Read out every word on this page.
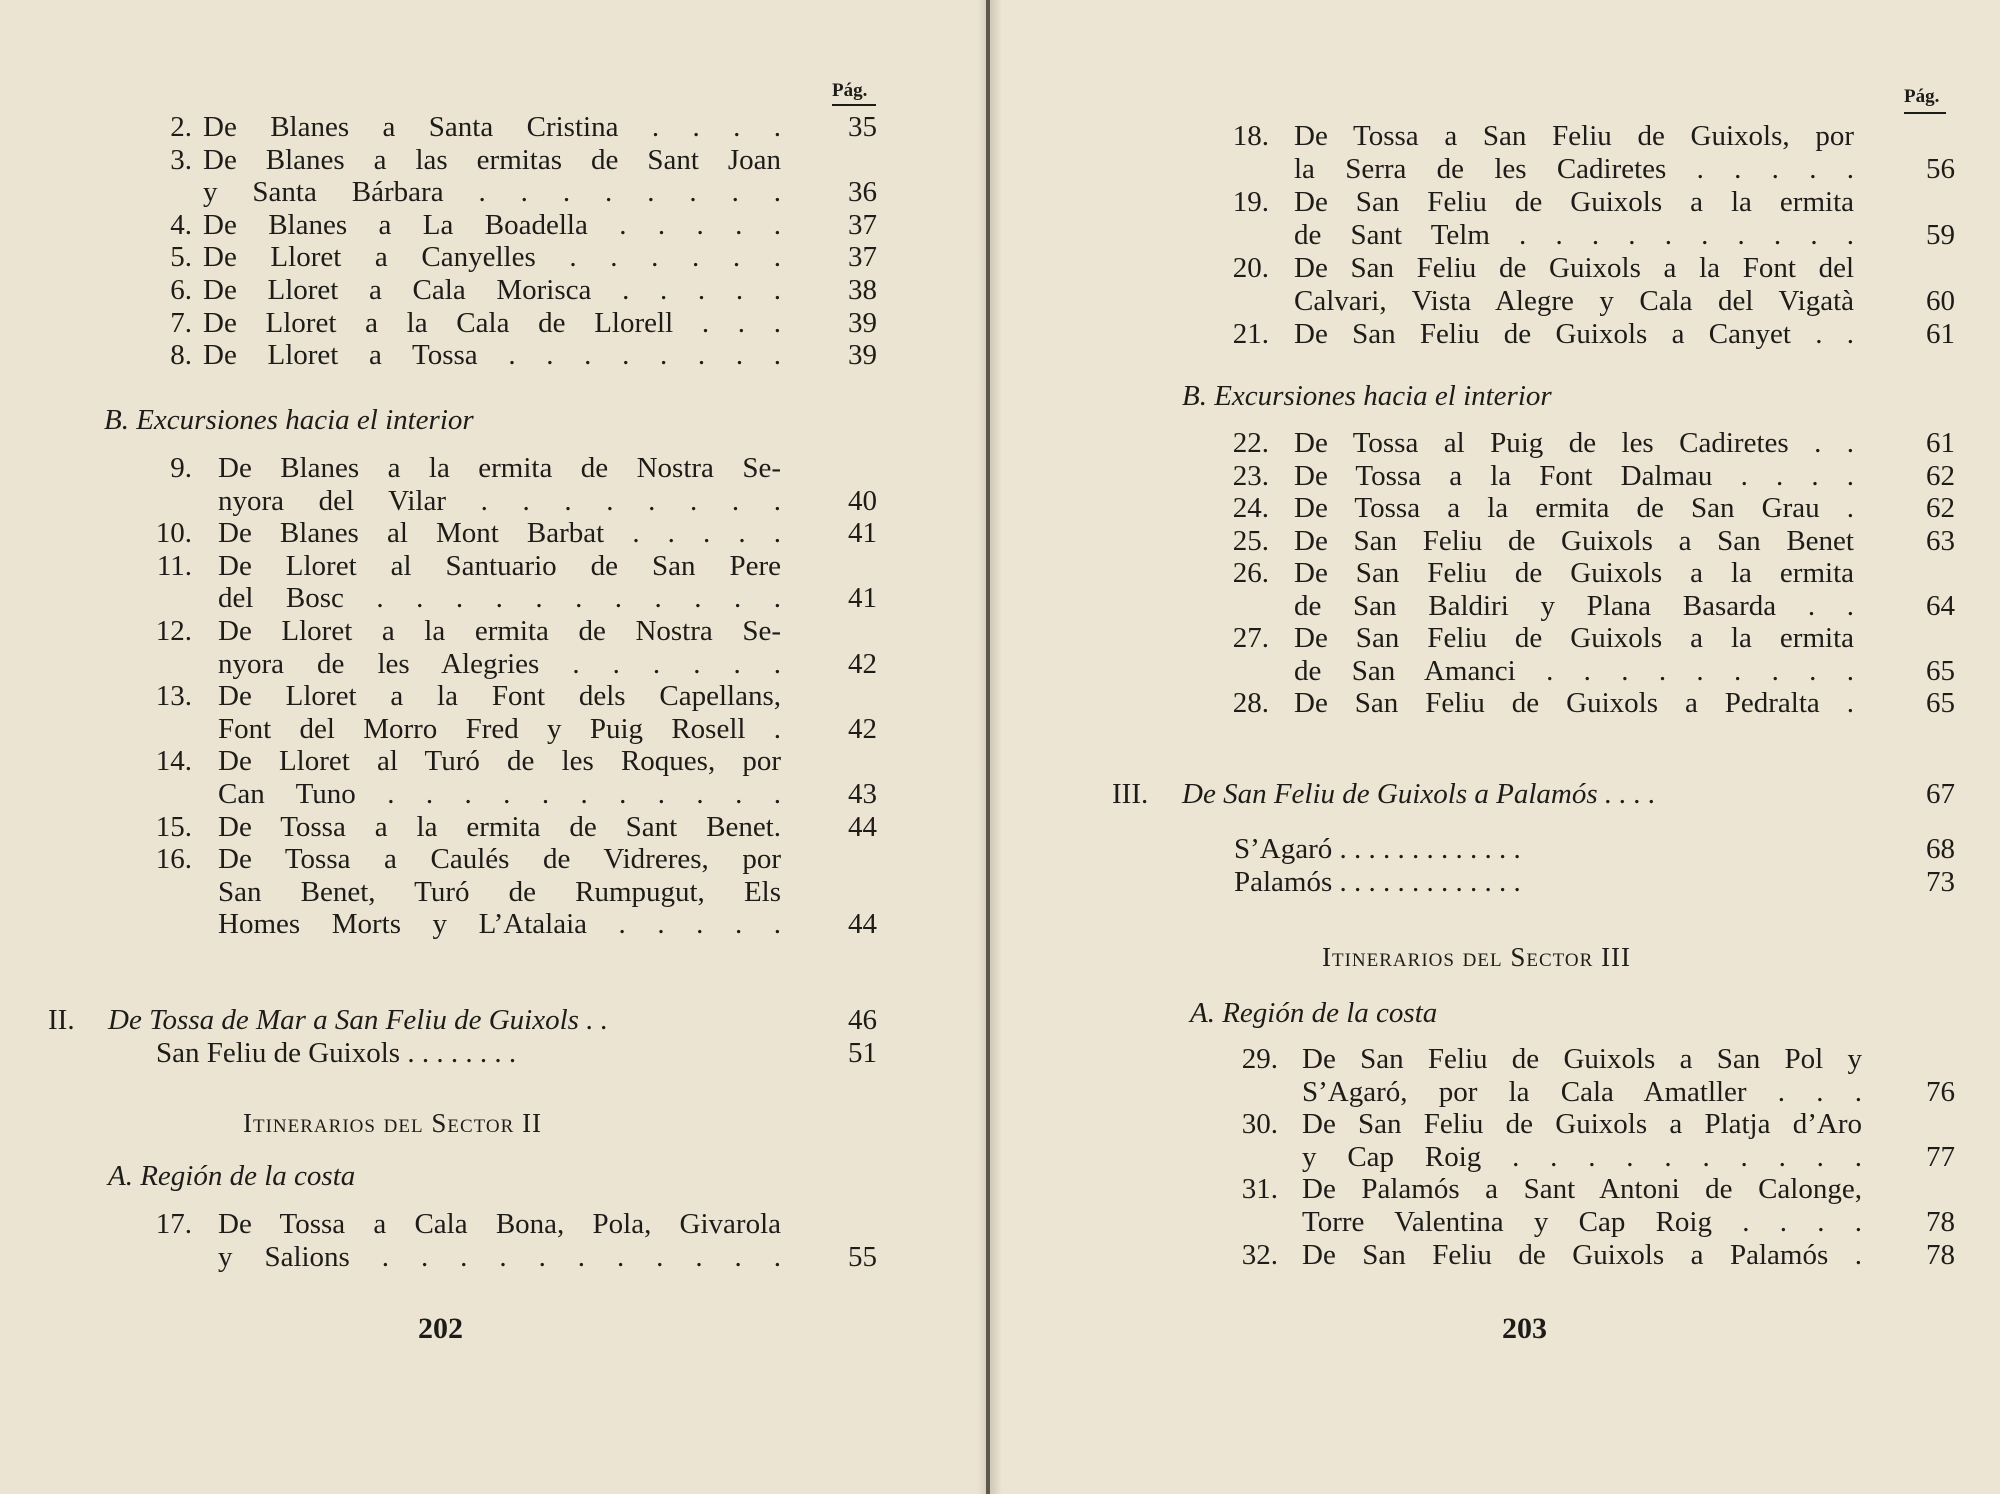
Pág.
2. De Blanes a Santa Cristina . . . .	35
3. De Blanes a las ermitas de Sant Joan
y Santa Bárbara . . . . . . . .	36
4. De Blanes a La Boadella . . . . .	37
5. De Lloret a Canyelles . . . . . .	37
6. De Lloret a Cala Morisca . . . . .	38
7. De Lloret a la Cala de Llorell . . .	39
8. De Lloret a Tossa . . . . . . . .	39
B. Excursiones hacia el interior
9. De Blanes a la ermita de Nostra Se-
nyora del Vilar . . . . . . . .	40
10. De Blanes al Mont Barbat . . . . .	41
11. De Lloret al Santuario de San Pere
del Bosc . . . . . . . . . . .	41
12. De Lloret a la ermita de Nostra Se-
nyora de les Alegries . . . . . .	42
13. De Lloret a la Font dels Capellans,
Font del Morro Fred y Puig Rosell .	42
14. De Lloret al Turó de les Roques, por
Can Tuno . . . . . . . . . . .	43
15. De Tossa a la ermita de Sant Benet.	44
16. De Tossa a Caulés de Vidreres, por
San Benet, Turó de Rumpugut, Els
Homes Morts y L’Atalaia . . . . .	44
II. De Tossa de Mar a San Feliu de Guixols . .	46
San Feliu de Guixols . . . . . . . .	51
Itinerarios del Sector II
A. Región de la costa
17. De Tossa a Cala Bona, Pola, Givarola
y Salions . . . . . . . . . . .	55
202
Pág.
18. De Tossa a San Feliu de Guixols, por
la Serra de les Cadiretes . . . . .	56
19. De San Feliu de Guixols a la ermita
de Sant Telm . . . . . . . . . .	59
20. De San Feliu de Guixols a la Font del
Calvari, Vista Alegre y Cala del Vigatà	60
21. De San Feliu de Guixols a Canyet . .	61
B. Excursiones hacia el interior
22. De Tossa al Puig de les Cadiretes . .	61
23. De Tossa a la Font Dalmau . . . .	62
24. De Tossa a la ermita de San Grau .	62
25. De San Feliu de Guixols a San Benet	63
26. De San Feliu de Guixols a la ermita
de San Baldiri y Plana Basarda . .	64
27. De San Feliu de Guixols a la ermita
de San Amanci . . . . . . . . .	65
28. De San Feliu de Guixols a Pedralta .	65
III. De San Feliu de Guixols a Palamós . . . .	67
S’Agaró . . . . . . . . . . . . .	68
Palamós . . . . . . . . . . . . .	73
Itinerarios del Sector III
A. Región de la costa
29. De San Feliu de Guixols a San Pol y
S’Agaró, por la Cala Amatller . . .	76
30. De San Feliu de Guixols a Platja d’Aro
y Cap Roig . . . . . . . . . .	77
31. De Palamós a Sant Antoni de Calonge,
Torre Valentina y Cap Roig . . . .	78
32. De San Feliu de Guixols a Palamós .	78
203
